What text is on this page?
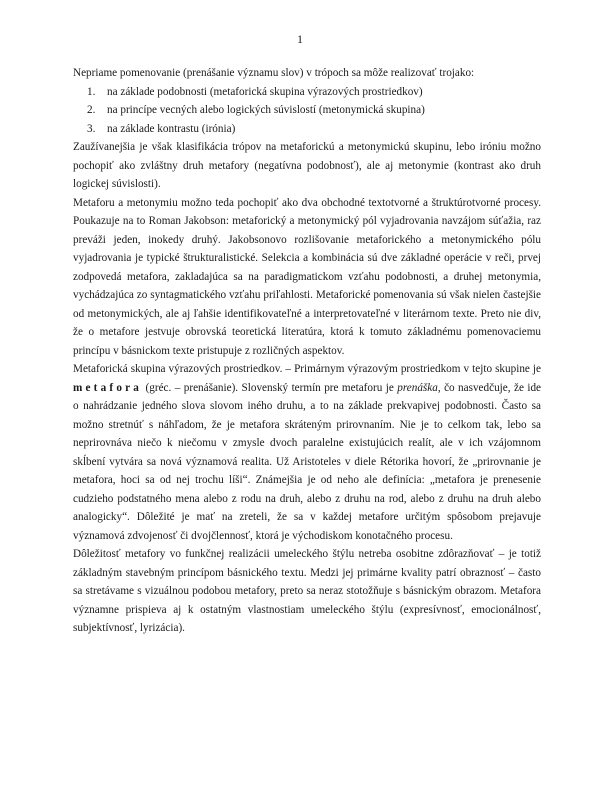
1

Nepriame pomenovanie (prenášanie významu slov) v trópoch sa môže realizovať trojako:

1. na základe podobnosti (metaforická skupina výrazových prostriedkov)
2. na princípe vecných alebo logických súvislostí (metonymická skupina)
3. na základe kontrastu (irónia)

Zaužívanejšia je však klasifikácia trópov na metaforickú a metonymickú skupinu, lebo iróniu možno pochopiť ako zvláštny druh metafory (negatívna podobnosť), ale aj metonymie (kontrast ako druh logickej súvislosti).

Metaforu a metonymiu možno teda pochopiť ako dva obchodné textotvorné a štruktúrotvorné procesy. Poukazuje na to Roman Jakobson: metaforický a metonymický pól vyjadrovania navzájom súťažia, raz preváži jeden, inokedy druhý. Jakobsonovo rozlišovanie metaforického a metonymického pólu vyjadrovania je typické štrukturalistické. Selekcia a kombinácia sú dve základné operácie v reči, prvej zodpovedá metafora, zakladajúca sa na paradigmatickom vzťahu podobnosti, a druhej metonymia, vychádzajúca zo syntagmatického vzťahu priľahlosti. Metaforické pomenovania sú však nielen častejšie od metonymických, ale aj ľahšie identifikovateľné a interpretovateľné v literárnom texte. Preto nie div, že o metafore jestvuje obrovská teoretická literatúra, ktorá k tomuto základnému pomenovaciemu princípu v básnickom texte pristupuje z rozličných aspektov.

Metaforická skupina výrazových prostriedkov. – Primárnym výrazovým prostriedkom v tejto skupine je metafora (gréc. – prenášanie). Slovenský termín pre metaforu je prenáška, čo nasvedčuje, že ide o nahrádzanie jedného slova slovom iného druhu, a to na základe prekvapivej podobnosti. Často sa možno stretnúť s náhľadom, že je metafora skráteným prirovnaním. Nie je to celkom tak, lebo sa neprirovnáva niečo k niečomu v zmysle dvoch paralelne existujúcich realít, ale v ich vzájomnom skĺbení vytvára sa nová významová realita. Už Aristoteles v diele Rétorika hovorí, že „prirovnanie je metafora, hoci sa od nej trochu líši“. Známejšia je od neho ale definícia: „metafora je prenesenie cudzieho podstatného mena alebo z rodu na druh, alebo z druhu na rod, alebo z druhu na druh alebo analogicky“. Dôležité je mať na zreteli, že sa v každej metafore určitým spôsobom prejavuje významová zdvojenosť či dvojčlennosť, ktorá je východiskom konotačného procesu.

Dôležitosť metafory vo funkčnej realizácii umeleckého štýlu netreba osobitne zdôrazňovať – je totiž základným stavebným princípom básnického textu. Medzi jej primárne kvality patrí obraznosť – často sa stretávame s vizuálnou podobou metafory, preto sa neraz stotožňuje s básnickým obrazom. Metafora významne prispieva aj k ostatným vlastnostiam umeleckého štýlu (expresívnosť, emocionálnosť, subjektívnosť, lyrizácia).
